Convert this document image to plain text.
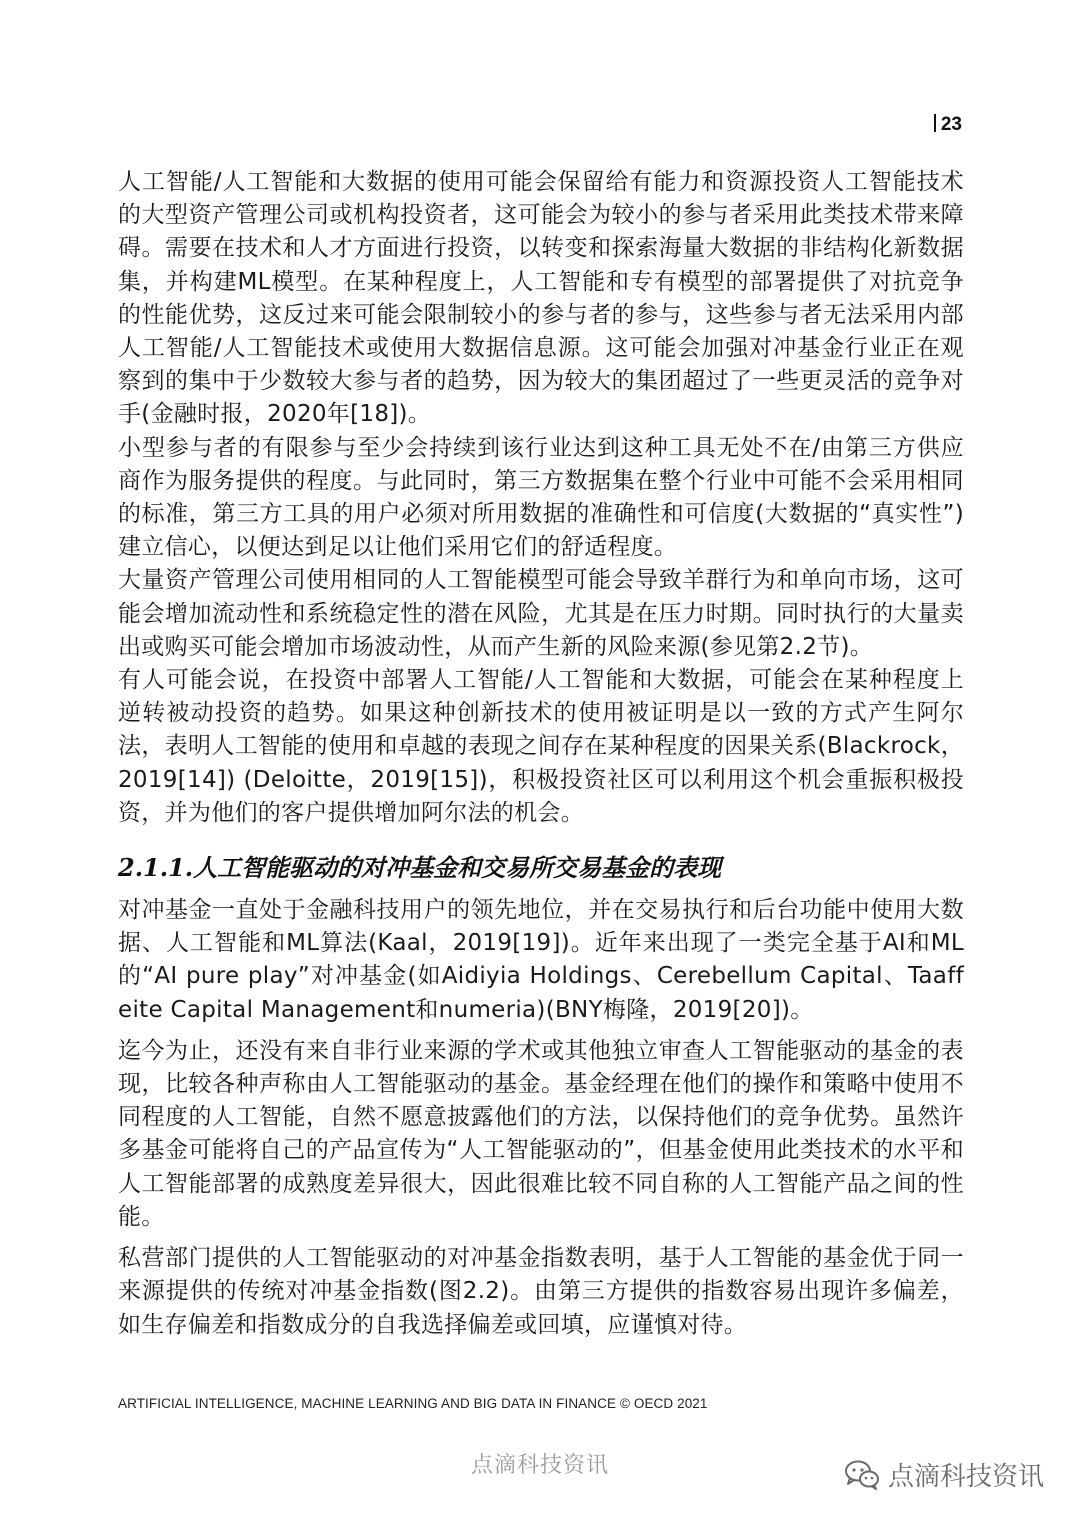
23

人工智能/人工智能和大数据的使用可能会保留给有能力和资源投资人工智能技术的大型资产管理公司或机构投资者，这可能会为较小的参与者采用此类技术带来障碍。需要在技术和人才方面进行投资，以转变和探索海量大数据的非结构化新数据集，并构建ML模型。在某种程度上，人工智能和专有模型的部署提供了对抗竞争的性能优势，这反过来可能会限制较小的参与者的参与，这些参与者无法采用内部人工智能/人工智能技术或使用大数据信息源。这可能会加强对冲基金行业正在观察到的集中于少数较大参与者的趋势，因为较大的集团超过了一些更灵活的竞争对手(金融时报，2020年[18])。

小型参与者的有限参与至少会持续到该行业达到这种工具无处不在/由第三方供应商作为服务提供的程度。与此同时，第三方数据集在整个行业中可能不会采用相同的标准，第三方工具的用户必须对所用数据的准确性和可信度(大数据的“真实性”)建立信心，以便达到足以让他们采用它们的舒适程度。

大量资产管理公司使用相同的人工智能模型可能会导致羊群行为和单向市场，这可能会增加流动性和系统稳定性的潜在风险，尤其是在压力时期。同时执行的大量卖出或购买可能会增加市场波动性，从而产生新的风险来源(参见第2.2节)。

有人可能会说，在投资中部署人工智能/人工智能和大数据，可能会在某种程度上逆转被动投资的趋势。如果这种创新技术的使用被证明是以一致的方式产生阿尔法，表明人工智能的使用和卓越的表现之间存在某种程度的因果关系(Blackrock，2019[14]) (Deloitte，2019[15])，积极投资社区可以利用这个机会重振积极投资，并为他们的客户提供增加阿尔法的机会。

2.1.1.人工智能驱动的对冲基金和交易所交易基金的表现

对冲基金一直处于金融科技用户的领先地位，并在交易执行和后台功能中使用大数据、人工智能和ML算法(Kaal，2019[19])。近年来出现了一类完全基于AI和ML的“AI pure play”对冲基金(如Aidiyia Holdings、Cerebellum Capital、Taaffeite Capital Management和numeria)(BNY梅隆，2019[20])。

迄今为止，还没有来自非行业来源的学术或其他独立审查人工智能驱动的基金的表现，比较各种声称由人工智能驱动的基金。基金经理在他们的操作和策略中使用不同程度的人工智能，自然不愿意披露他们的方法，以保持他们的竞争优势。虽然许多基金可能将自己的产品宣传为“人工智能驱动的”，但基金使用此类技术的水平和人工智能部署的成熟度差异很大，因此很难比较不同自称的人工智能产品之间的性能。

私营部门提供的人工智能驱动的对冲基金指数表明，基于人工智能的基金优于同一来源提供的传统对冲基金指数(图2.2)。由第三方提供的指数容易出现许多偏差，如生存偏差和指数成分的自我选择偏差或回填，应谨慎对待。

ARTIFICIAL INTELLIGENCE, MACHINE LEARNING AND BIG DATA IN FINANCE © OECD 2021
点滴科技资讯	点滴科技资讯
